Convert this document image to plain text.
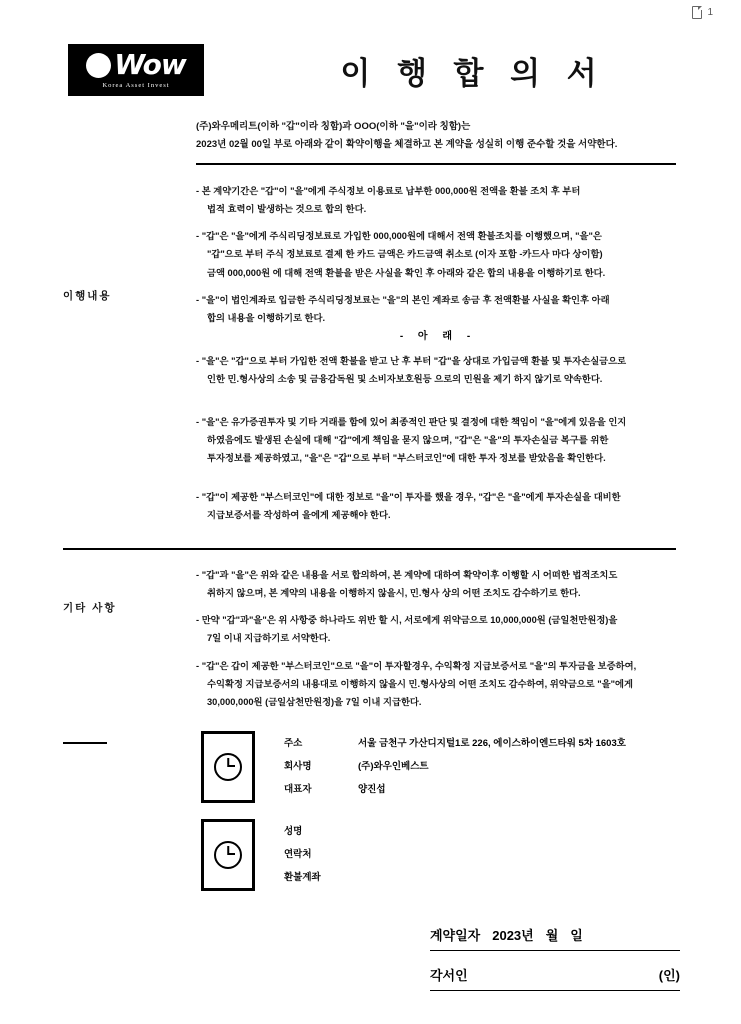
1
Wow
Korea Asset Invest	이 행 합 의 서
(주)와우메리트(이하 "갑"이라 칭함)과 OOO(이하 "을"이라 칭함)는
2023년 02월 00일 부로 아래와 같이 확약이행을 체결하고 본 계약을 성실히 이행 준수할 것을 서약한다.
이행내용
기타 사항
- 본 계약기간은 "갑"이 "을"에게 주식정보 이용료로 납부한 000,000원 전액을 환불 조치 후 부터
법적 효력이 발생하는 것으로 합의 한다.
- "갑"은 "을"에게 주식리딩정보료로 가입한 000,000원에 대해서 전액 환불조치를 이행했으며, "을"은
"갑"으로 부터 주식 정보료로 결제 한 카드 금액은 카드금액 취소로 (이자 포함 -카드사 마다 상이함)
금액 000,000원 에 대해 전액 환불을 받은 사실을 확인 후 아래와 같은 합의 내용을 이행하기로 한다.
- "을"이 법인계좌로 입금한 주식리딩정보료는 "을"의 본인 계좌로 송금 후 전액환불 사실을 확인후 아래
합의 내용을 이행하기로 한다.
- 아 래 -
- "을"은 "갑"으로 부터 가입한 전액 환불을 받고 난 후 부터 "갑"을 상대로 가입금액 환불 및 투자손실금으로
인한 민.형사상의 소송 및 금융감독원 및 소비자보호원등 으로의 민원을 제기 하지 않기로 약속한다.
- "을"은 유가증권투자 및 기타 거래를 함에 있어 최종적인 판단 및 결정에 대한 책임이 "을"에게 있음을 인지
하였음에도 발생된 손실에 대해 "갑"에게 책임을 묻지 않으며, "갑"은 "을"의 투자손실금 복구를 위한
투자정보를 제공하였고, "을"은 "갑"으로 부터 "부스터코인"에 대한 투자 정보를 받았음을 확인한다.
- "갑"이 제공한 "부스터코인"에 대한 정보로 "을"이 투자를 했을 경우, "갑"은 "을"에게 투자손실을 대비한
지급보증서를 작성하여 을에게 제공해야 한다.
- "갑"과 "을"은 위와 같은 내용을 서로 합의하여, 본 계약에 대하여 확약이후 이행할 시 어떠한 법적조치도
취하지 않으며, 본 계약의 내용을 이행하지 않을시, 민.형사 상의 어떤 조치도 감수하기로 한다.
- 만약 "갑"과"을"은 위 사항중 하나라도 위반 할 시, 서로에게 위약금으로 10,000,000원 (금일천만원정)을
7일 이내 지급하기로 서약한다.
- "갑"은 갑이 제공한 "부스터코인"으로 "을"이 투자할경우, 수익확정 지급보증서로 "을"의 투자금을 보증하여,
수익확정 지급보증서의 내용대로 이행하지 않을시 민.형사상의 어떤 조치도 감수하여, 위약금으로 "을"에게
30,000,000원 (금일삼천만원정)을 7일 이내 지급한다.
주소	서울 금천구 가산디지털1로 226, 에이스하이엔드타워 5차 1603호
회사명	(주)와우인베스트
대표자	양진섭
성명
연락처
환불계좌
계약일자 2023년 월 일
각서인	(인)
